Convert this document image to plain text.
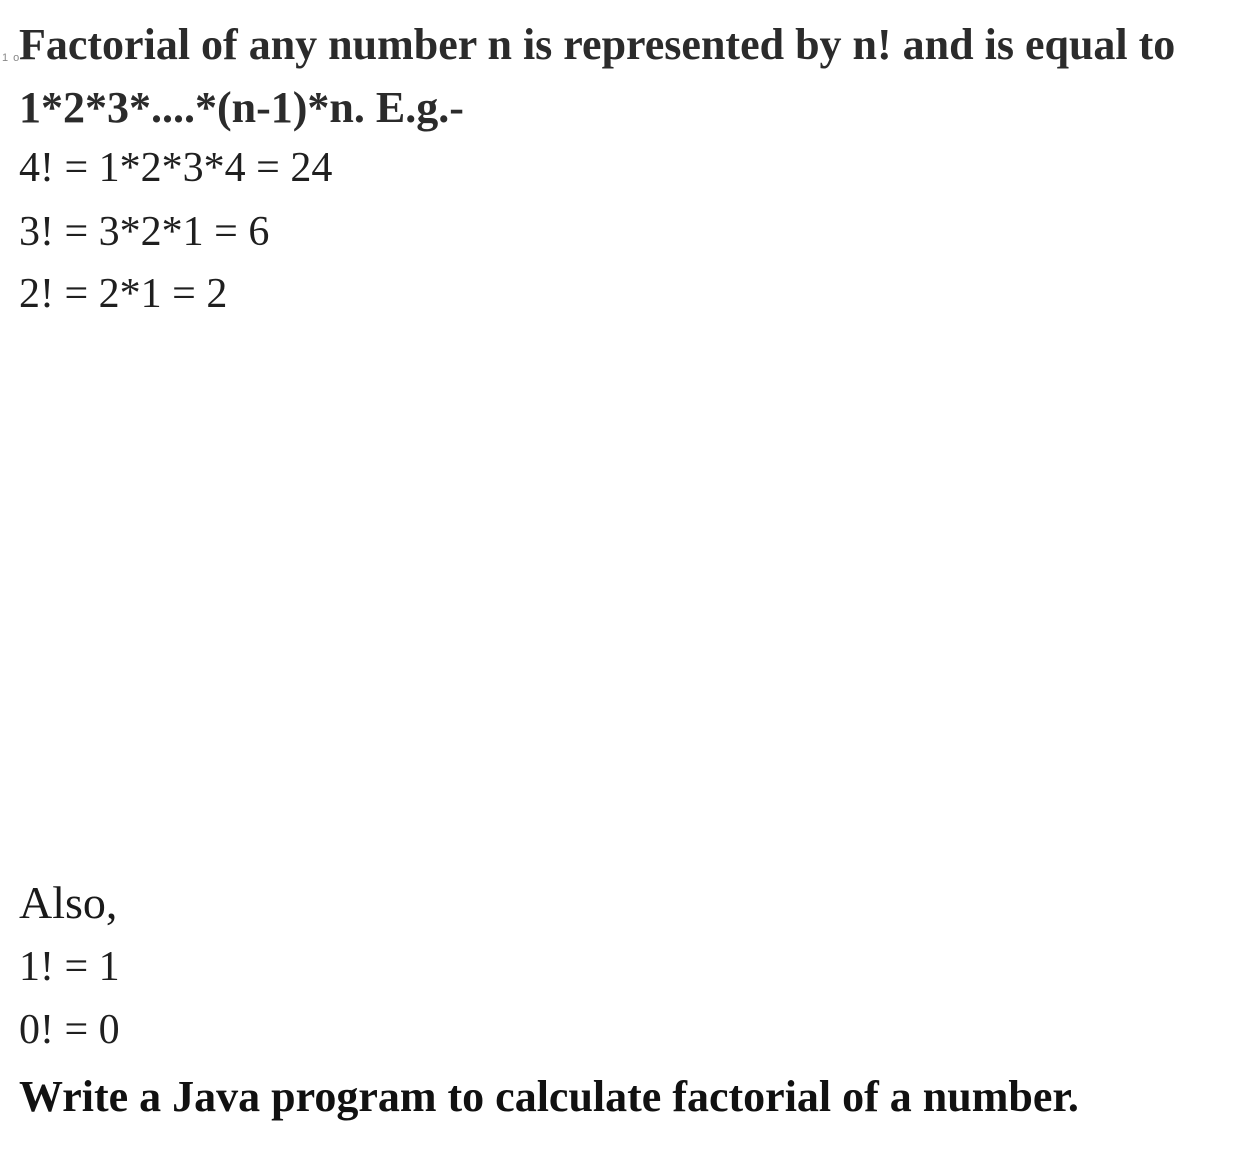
1 o
Factorial of any number n is represented by n! and is equal to
1*2*3*....*(n-1)*n. E.g.-
4! = 1*2*3*4 = 24
3! = 3*2*1 = 6
2! = 2*1 = 2
Also,
1! = 1
0! = 0
Write a Java program to calculate factorial of a number.
